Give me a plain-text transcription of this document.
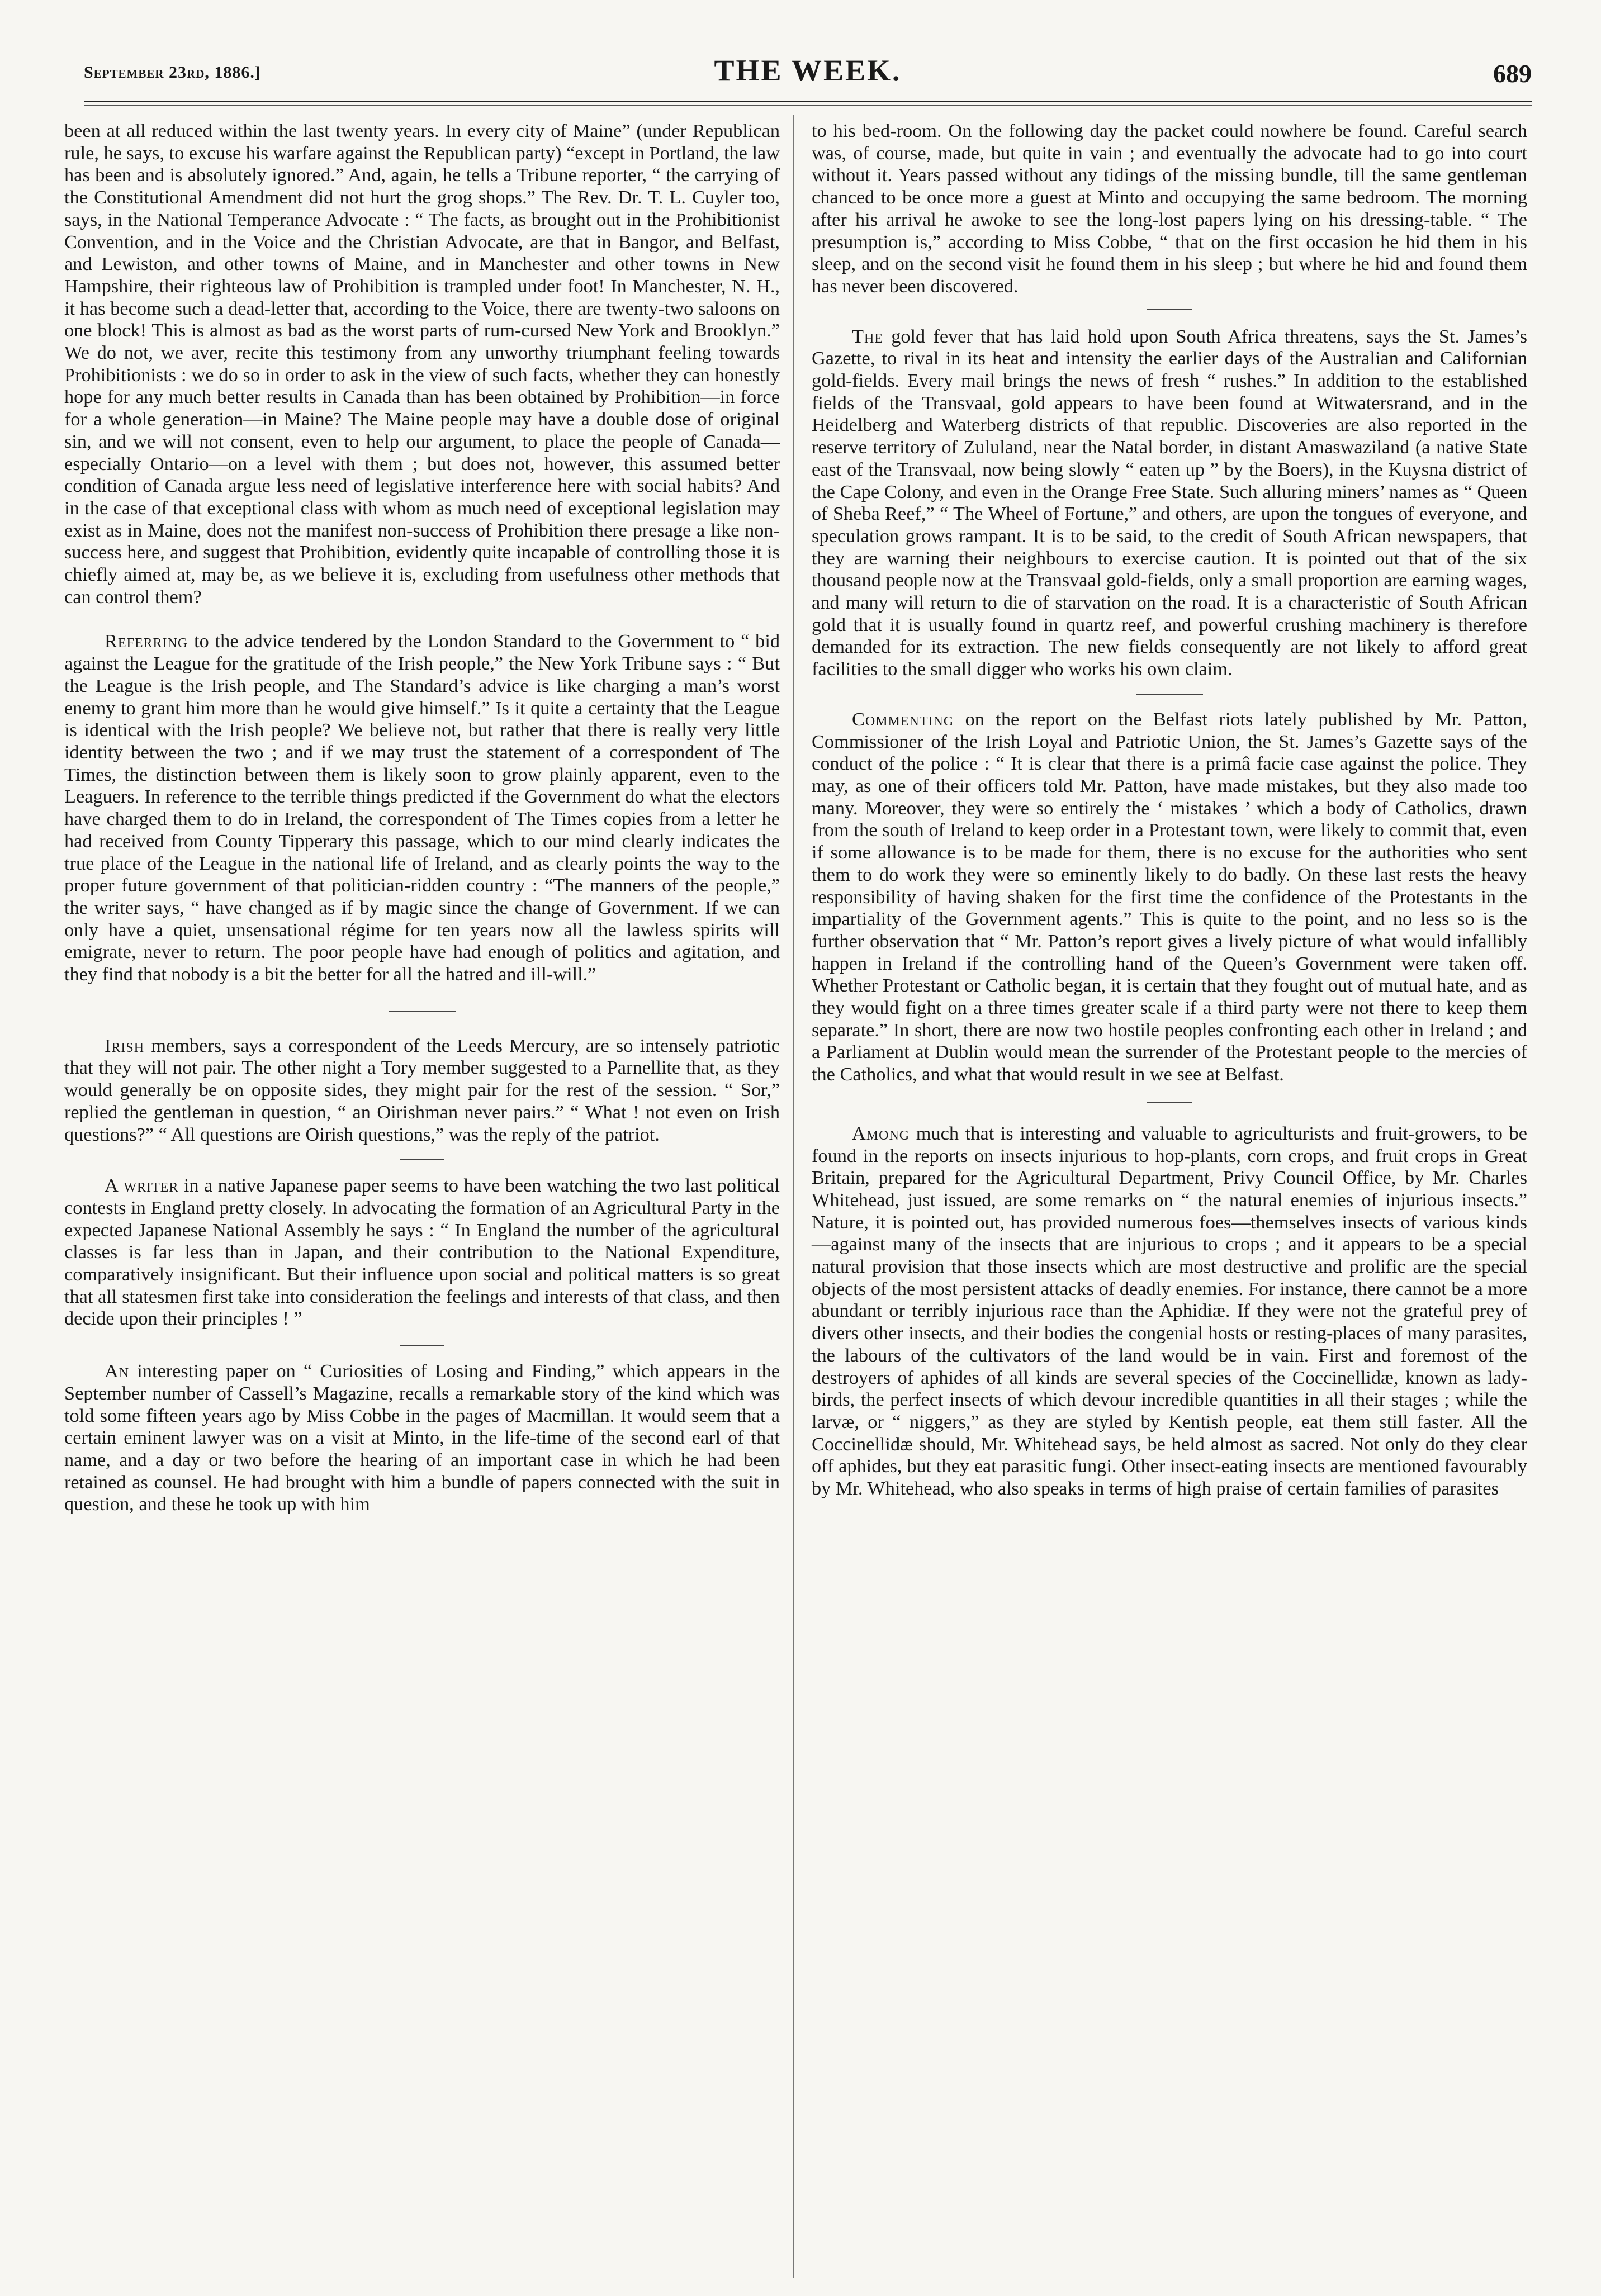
September 23rd, 1886.]	THE WEEK.	689

been at all reduced within the last twenty years. In every city of Maine” (under Republican rule, he says, to excuse his warfare against the Republican party) “except in Portland, the law has been and is absolutely ignored.” And, again, he tells a Tribune reporter, “ the carrying of the Constitutional Amendment did not hurt the grog shops.” The Rev. Dr. T. L. Cuyler too, says, in the National Temperance Advocate : “ The facts, as brought out in the Prohibitionist Convention, and in the Voice and the Christian Advocate, are that in Bangor, and Belfast, and Lewiston, and other towns of Maine, and in Manchester and other towns in New Hampshire, their righteous law of Prohibition is trampled under foot! In Manchester, N. H., it has become such a dead-letter that, according to the Voice, there are twenty-two saloons on one block! This is almost as bad as the worst parts of rum-cursed New York and Brooklyn.” We do not, we aver, recite this testimony from any unworthy triumphant feeling towards Prohibitionists : we do so in order to ask in the view of such facts, whether they can honestly hope for any much better results in Canada than has been obtained by Prohibition—in force for a whole generation—in Maine? The Maine people may have a double dose of original sin, and we will not consent, even to help our argument, to place the people of Canada—especially Ontario—on a level with them ; but does not, however, this assumed better condition of Canada argue less need of legislative interference here with social habits? And in the case of that exceptional class with whom as much need of exceptional legislation may exist as in Maine, does not the manifest non-success of Prohibition there presage a like non-success here, and suggest that Prohibition, evidently quite incapable of controlling those it is chiefly aimed at, may be, as we believe it is, excluding from usefulness other methods that can control them?

Referring to the advice tendered by the London Standard to the Government to “ bid against the League for the gratitude of the Irish people,” the New York Tribune says : “ But the League is the Irish people, and The Standard’s advice is like charging a man’s worst enemy to grant him more than he would give himself.” Is it quite a certainty that the League is identical with the Irish people? We believe not, but rather that there is really very little identity between the two ; and if we may trust the statement of a correspondent of The Times, the distinction between them is likely soon to grow plainly apparent, even to the Leaguers. In reference to the terrible things predicted if the Government do what the electors have charged them to do in Ireland, the correspondent of The Times copies from a letter he had received from County Tipperary this passage, which to our mind clearly indicates the true place of the League in the national life of Ireland, and as clearly points the way to the proper future government of that politician-ridden country : “The manners of the people,” the writer says, “ have changed as if by magic since the change of Government. If we can only have a quiet, unsensational régime for ten years now all the lawless spirits will emigrate, never to return. The poor people have had enough of politics and agitation, and they find that nobody is a bit the better for all the hatred and ill-will.”

Irish members, says a correspondent of the Leeds Mercury, are so intensely patriotic that they will not pair. The other night a Tory member suggested to a Parnellite that, as they would generally be on opposite sides, they might pair for the rest of the session. “ Sor,” replied the gentleman in question, “ an Oirishman never pairs.” “ What ! not even on Irish questions?” “ All questions are Oirish questions,” was the reply of the patriot.

A writer in a native Japanese paper seems to have been watching the two last political contests in England pretty closely. In advocating the formation of an Agricultural Party in the expected Japanese National Assembly he says : “ In England the number of the agricultural classes is far less than in Japan, and their contribution to the National Expenditure, comparatively insignificant. But their influence upon social and political matters is so great that all statesmen first take into consideration the feelings and interests of that class, and then decide upon their principles ! ”

An interesting paper on “ Curiosities of Losing and Finding,” which appears in the September number of Cassell’s Magazine, recalls a remarkable story of the kind which was told some fifteen years ago by Miss Cobbe in the pages of Macmillan. It would seem that a certain eminent lawyer was on a visit at Minto, in the life-time of the second earl of that name, and a day or two before the hearing of an important case in which he had been retained as counsel. He had brought with him a bundle of papers connected with the suit in question, and these he took up with him

to his bed-room. On the following day the packet could nowhere be found. Careful search was, of course, made, but quite in vain ; and eventually the advocate had to go into court without it. Years passed without any tidings of the missing bundle, till the same gentleman chanced to be once more a guest at Minto and occupying the same bedroom. The morning after his arrival he awoke to see the long-lost papers lying on his dressing-table. “ The presumption is,” according to Miss Cobbe, “ that on the first occasion he hid them in his sleep, and on the second visit he found them in his sleep ; but where he hid and found them has never been discovered.

The gold fever that has laid hold upon South Africa threatens, says the St. James’s Gazette, to rival in its heat and intensity the earlier days of the Australian and Californian gold-fields. Every mail brings the news of fresh “ rushes.” In addition to the established fields of the Transvaal, gold appears to have been found at Witwatersrand, and in the Heidelberg and Waterberg districts of that republic. Discoveries are also reported in the reserve territory of Zululand, near the Natal border, in distant Amaswaziland (a native State east of the Transvaal, now being slowly “ eaten up ” by the Boers), in the Kuysna district of the Cape Colony, and even in the Orange Free State. Such alluring miners’ names as “ Queen of Sheba Reef,” “ The Wheel of Fortune,” and others, are upon the tongues of everyone, and speculation grows rampant. It is to be said, to the credit of South African newspapers, that they are warning their neighbours to exercise caution. It is pointed out that of the six thousand people now at the Transvaal gold-fields, only a small proportion are earning wages, and many will return to die of starvation on the road. It is a characteristic of South African gold that it is usually found in quartz reef, and powerful crushing machinery is therefore demanded for its extraction. The new fields consequently are not likely to afford great facilities to the small digger who works his own claim.

Commenting on the report on the Belfast riots lately published by Mr. Patton, Commissioner of the Irish Loyal and Patriotic Union, the St. James’s Gazette says of the conduct of the police : “ It is clear that there is a primâ facie case against the police. They may, as one of their officers told Mr. Patton, have made mistakes, but they also made too many. Moreover, they were so entirely the ‘ mistakes ’ which a body of Catholics, drawn from the south of Ireland to keep order in a Protestant town, were likely to commit that, even if some allowance is to be made for them, there is no excuse for the authorities who sent them to do work they were so eminently likely to do badly. On these last rests the heavy responsibility of having shaken for the first time the confidence of the Protestants in the impartiality of the Government agents.” This is quite to the point, and no less so is the further observation that “ Mr. Patton’s report gives a lively picture of what would infallibly happen in Ireland if the controlling hand of the Queen’s Government were taken off. Whether Protestant or Catholic began, it is certain that they fought out of mutual hate, and as they would fight on a three times greater scale if a third party were not there to keep them separate.” In short, there are now two hostile peoples confronting each other in Ireland ; and a Parliament at Dublin would mean the surrender of the Protestant people to the mercies of the Catholics, and what that would result in we see at Belfast.

Among much that is interesting and valuable to agriculturists and fruit-growers, to be found in the reports on insects injurious to hop-plants, corn crops, and fruit crops in Great Britain, prepared for the Agricultural Department, Privy Council Office, by Mr. Charles Whitehead, just issued, are some remarks on “ the natural enemies of injurious insects.” Nature, it is pointed out, has provided numerous foes—themselves insects of various kinds—against many of the insects that are injurious to crops ; and it appears to be a special natural provision that those insects which are most destructive and prolific are the special objects of the most persistent attacks of deadly enemies. For instance, there cannot be a more abundant or terribly injurious race than the Aphidiæ. If they were not the grateful prey of divers other insects, and their bodies the congenial hosts or resting-places of many parasites, the labours of the cultivators of the land would be in vain. First and foremost of the destroyers of aphides of all kinds are several species of the Coccinellidæ, known as lady-birds, the perfect insects of which devour incredible quantities in all their stages ; while the larvæ, or “ niggers,” as they are styled by Kentish people, eat them still faster. All the Coccinellidæ should, Mr. Whitehead says, be held almost as sacred. Not only do they clear off aphides, but they eat parasitic fungi. Other insect-eating insects are mentioned favourably by Mr. Whitehead, who also speaks in terms of high praise of certain families of parasites
